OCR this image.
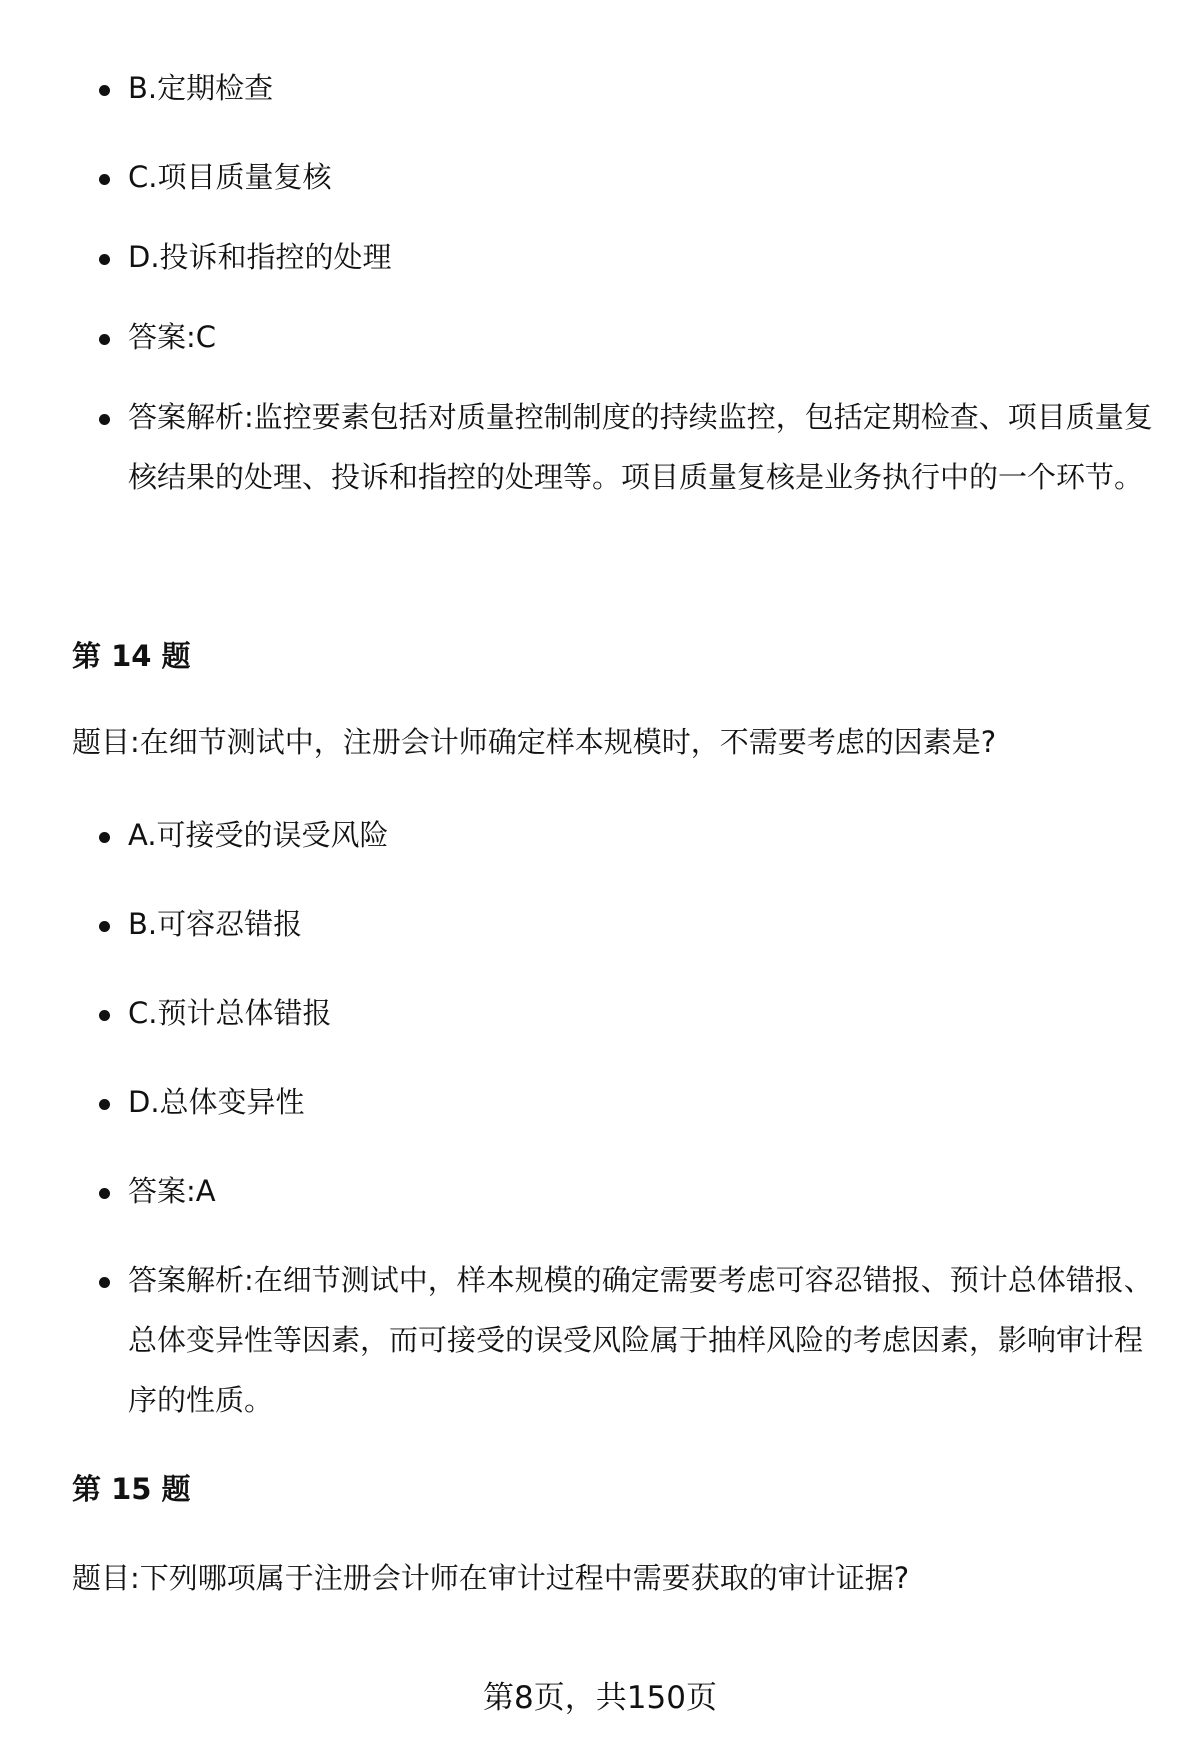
B.定期检查
C.项目质量复核
D.投诉和指控的处理
答案:C
答案解析:监控要素包括对质量控制制度的持续监控，包括定期检查、项目质量复核结果的处理、投诉和指控的处理等。项目质量复核是业务执行中的一个环节。
第 14 题

题目:在细节测试中，注册会计师确定样本规模时，不需要考虑的因素是?

A.可接受的误受风险
B.可容忍错报
C.预计总体错报
D.总体变异性
答案:A
答案解析:在细节测试中，样本规模的确定需要考虑可容忍错报、预计总体错报、总体变异性等因素，而可接受的误受风险属于抽样风险的考虑因素，影响审计程序的性质。
第 15 题

题目:下列哪项属于注册会计师在审计过程中需要获取的审计证据?

第8页，共150页
